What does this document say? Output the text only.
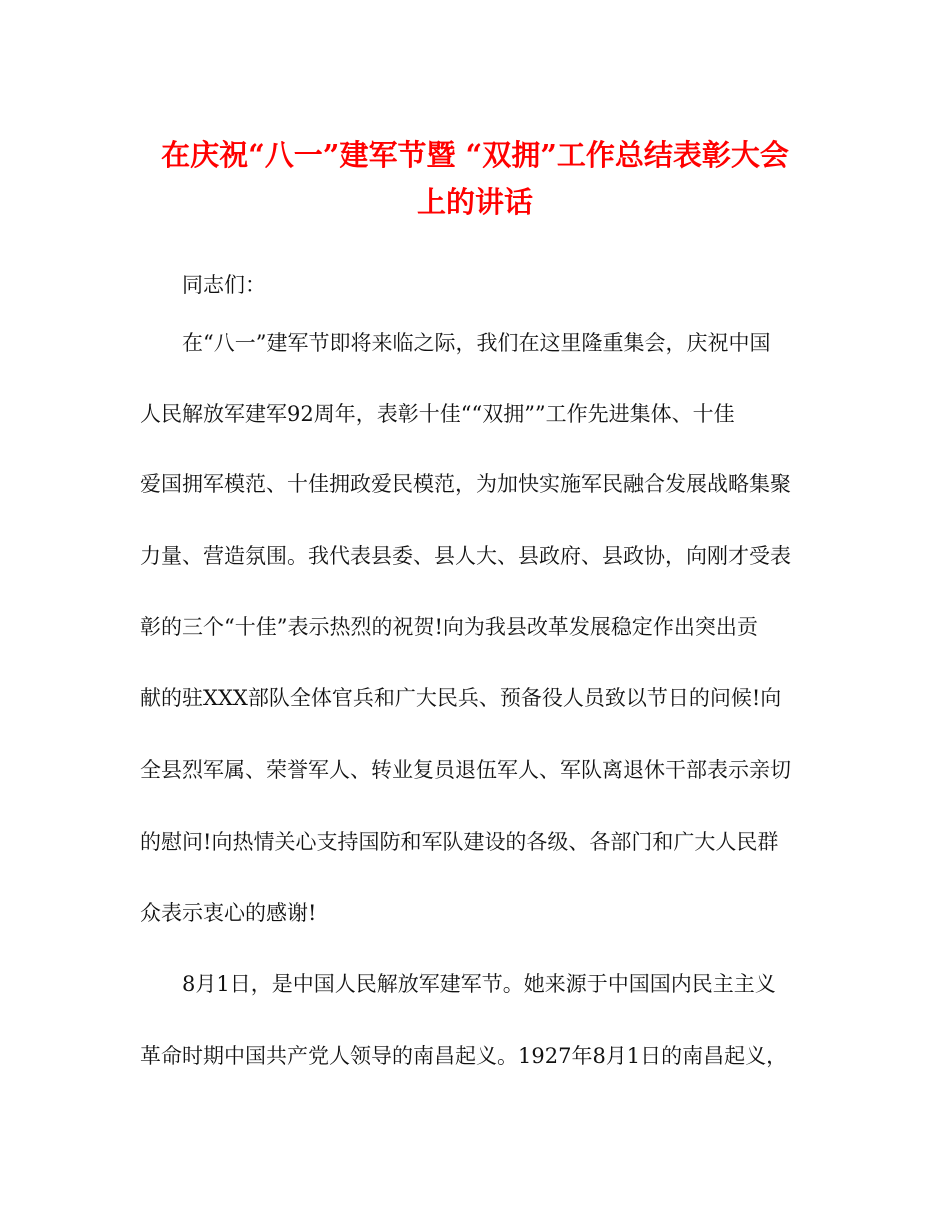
在庆祝“八一”建军节暨 “双拥”工作总结表彰大会
上的讲话
　　同志们：
　　在“八一”建军节即将来临之际，我们在这里隆重集会，庆祝中国
人民解放军建军92周年，表彰十佳““双拥””工作先进集体、十佳
爱国拥军模范、十佳拥政爱民模范，为加快实施军民融合发展战略集聚
力量、营造氛围。我代表县委、县人大、县政府、县政协，向刚才受表
彰的三个“十佳”表示热烈的祝贺!向为我县改革发展稳定作出突出贡
献的驻XXX部队全体官兵和广大民兵、预备役人员致以节日的问候!向
全县烈军属、荣誉军人、转业复员退伍军人、军队离退休干部表示亲切
的慰问!向热情关心支持国防和军队建设的各级、各部门和广大人民群
众表示衷心的感谢!
　　8月1日，是中国人民解放军建军节。她来源于中国国内民主主义
革命时期中国共产党人领导的南昌起义。1927年8月1日的南昌起义，
